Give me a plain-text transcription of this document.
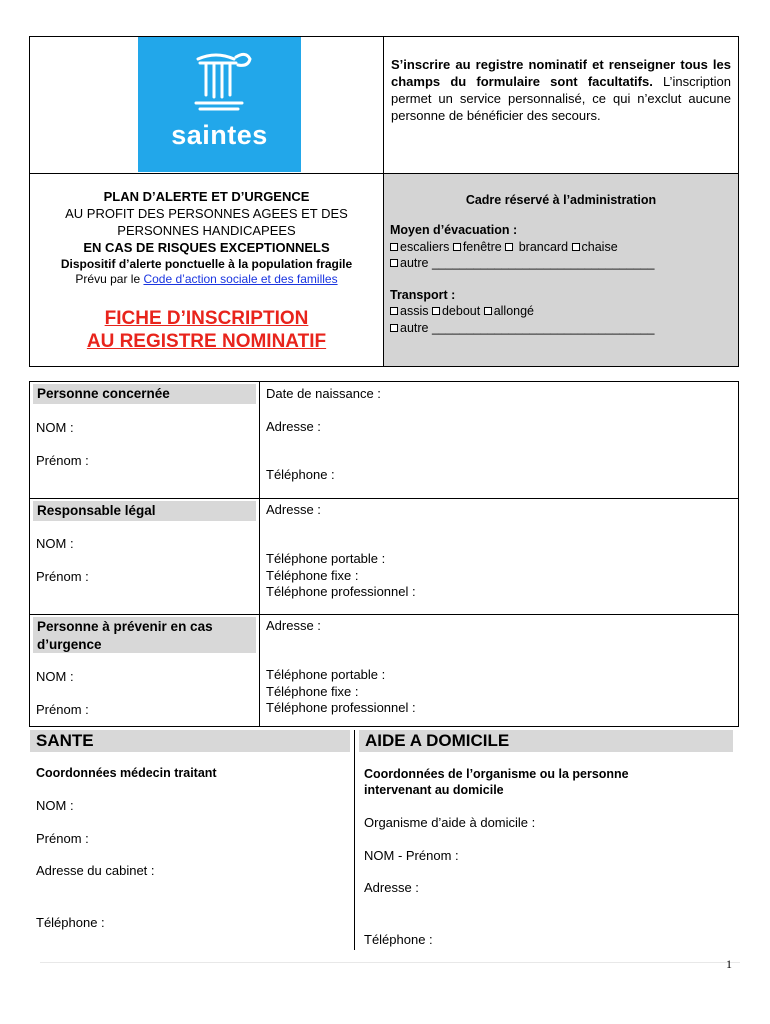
saintes
S’inscrire au registre nominatif et renseigner tous les champs du formulaire sont facultatifs. L’inscription permet un service personnalisé, ce qui n’exclut aucune personne de bénéficier des secours.
PLAN D’ALERTE ET D’URGENCE
AU PROFIT DES PERSONNES AGEES ET DES
PERSONNES HANDICAPEES
EN CAS DE RISQUES EXCEPTIONNELS
Dispositif d’alerte ponctuelle à la population fragile
Prévu par le Code d’action sociale et des familles
FICHE D’INSCRIPTION
AU REGISTRE NOMINATIF
Cadre réservé à l’administration
Moyen d’évacuation :
escaliers fenêtre brancard chaise
autre ________________________________
Transport :
assis debout allongé
autre ________________________________
Personne concernée
NOM :
Prénom :
Date de naissance :
Adresse :
Téléphone :
Responsable légal
NOM :
Prénom :
Adresse :
Téléphone portable :
Téléphone fixe :
Téléphone professionnel :
Personne à prévenir en cas d’urgence
NOM :
Prénom :
Adresse :
Téléphone portable :
Téléphone fixe :
Téléphone professionnel :
SANTE	AIDE A DOMICILE
Coordonnées médecin traitant
NOM :
Prénom :
Adresse du cabinet :
Téléphone :
Coordonnées de l’organisme ou la personne intervenant au domicile
Organisme d’aide à domicile :
NOM - Prénom :
Adresse :
Téléphone :
1
